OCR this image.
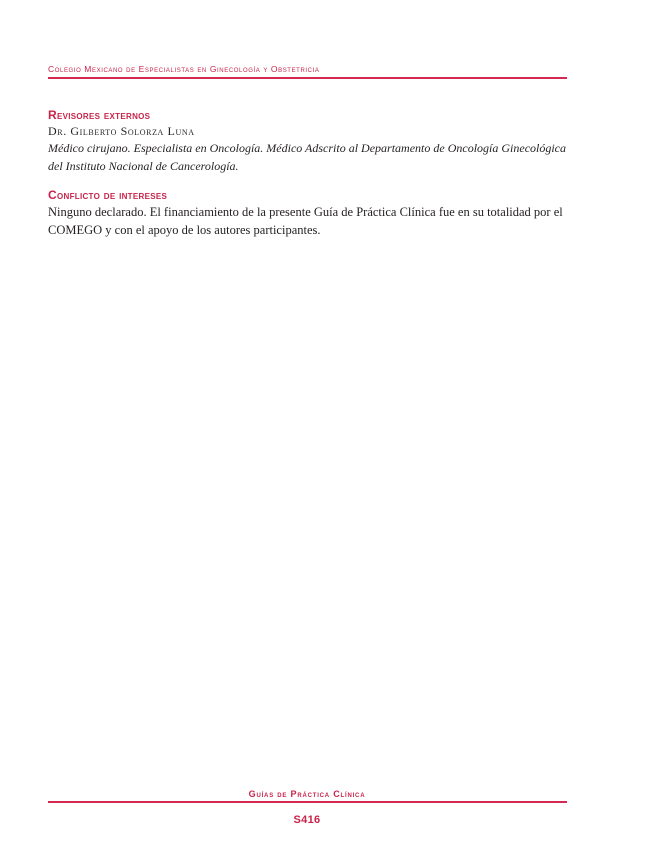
Colegio Mexicano de Especialistas en Ginecología y Obstetricia
Revisores externos
Dr. Gilberto Solorza Luna
Médico cirujano. Especialista en Oncología. Médico Adscrito al Departamento de Oncología Ginecológica del Instituto Nacional de Cancerología.
Conflicto de intereses
Ninguno declarado. El financiamiento de la presente Guía de Práctica Clínica fue en su totalidad por el COMEGO y con el apoyo de los autores participantes.
Guías de Práctica Clínica
S416
